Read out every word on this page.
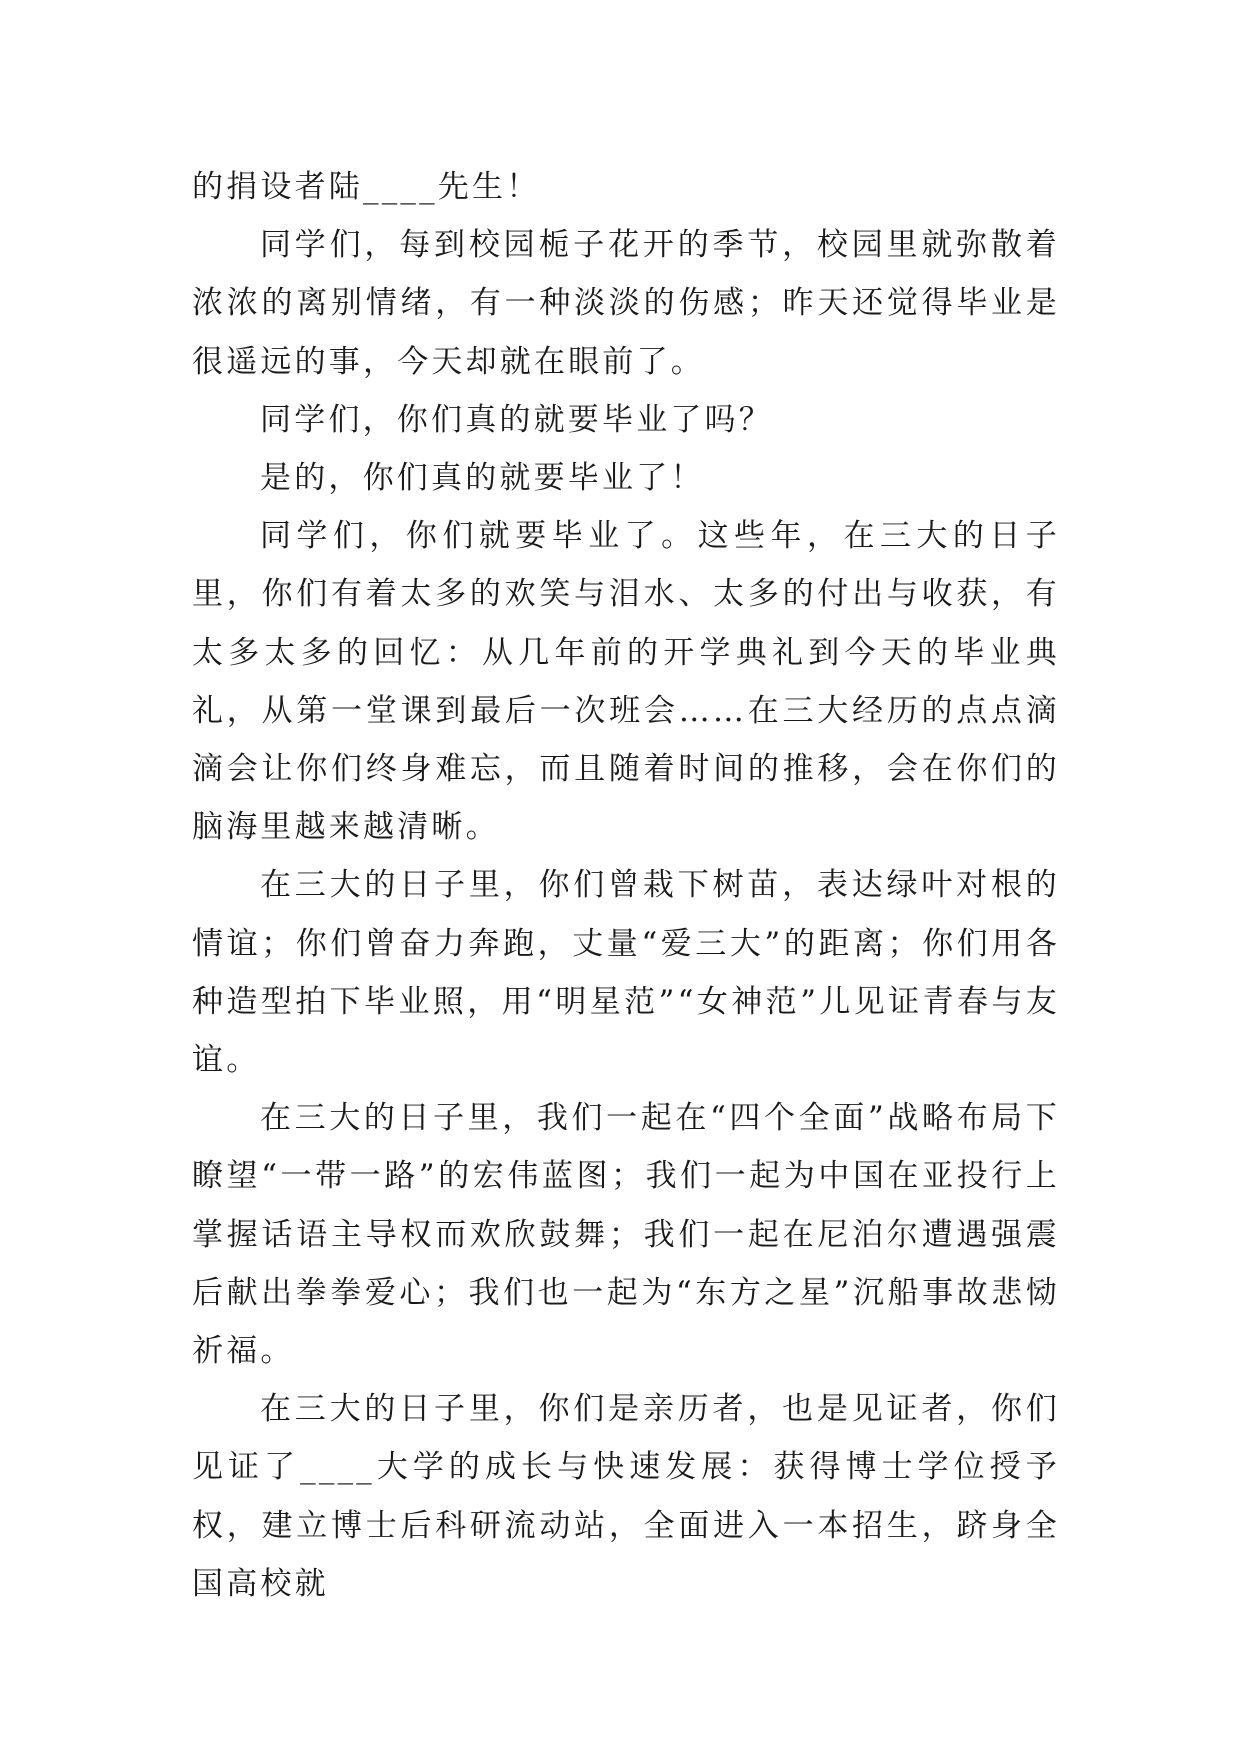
的捐设者陆____先生！

同学们，每到校园栀子花开的季节，校园里就弥散着浓浓的离别情绪，有一种淡淡的伤感；昨天还觉得毕业是很遥远的事，今天却就在眼前了。

同学们，你们真的就要毕业了吗？

是的，你们真的就要毕业了！

同学们，你们就要毕业了。这些年，在三大的日子里，你们有着太多的欢笑与泪水、太多的付出与收获，有太多太多的回忆：从几年前的开学典礼到今天的毕业典礼，从第一堂课到最后一次班会……在三大经历的点点滴滴会让你们终身难忘，而且随着时间的推移，会在你们的脑海里越来越清晰。

在三大的日子里，你们曾栽下树苗，表达绿叶对根的情谊；你们曾奋力奔跑，丈量“爱三大”的距离；你们用各种造型拍下毕业照，用“明星范”“女神范”儿见证青春与友谊。

在三大的日子里，我们一起在“四个全面”战略布局下瞭望“一带一路”的宏伟蓝图；我们一起为中国在亚投行上掌握话语主导权而欢欣鼓舞；我们一起在尼泊尔遭遇强震后献出拳拳爱心；我们也一起为“东方之星”沉船事故悲恸祈福。

在三大的日子里，你们是亲历者，也是见证者，你们见证了____大学的成长与快速发展：获得博士学位授予权，建立博士后科研流动站，全面进入一本招生，跻身全国高校就
